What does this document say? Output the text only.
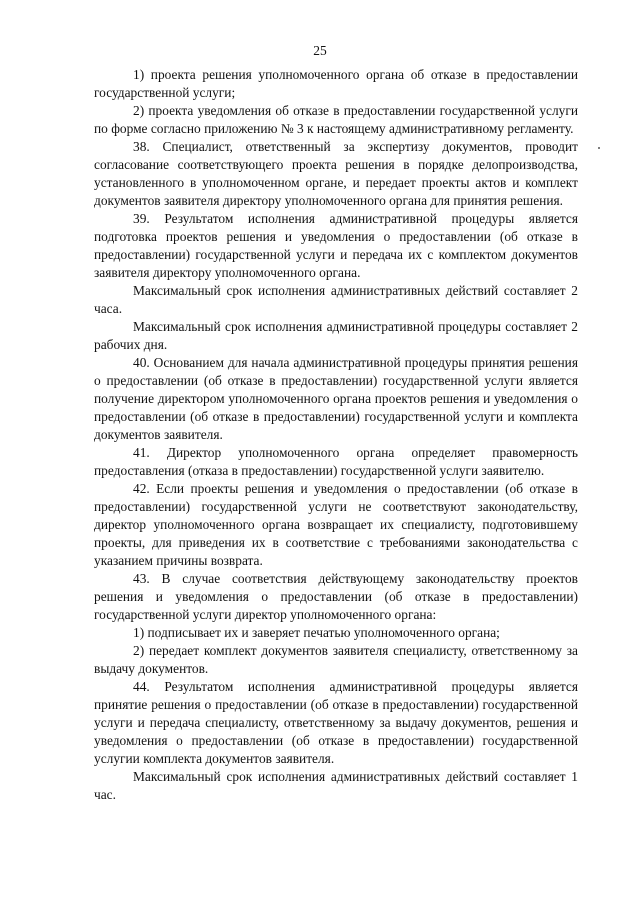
25

1) проекта решения уполномоченного органа об отказе в предоставлении государственной услуги;

2) проекта уведомления об отказе в предоставлении государственной услуги по форме согласно приложению № 3 к настоящему административному регламенту.

38. Специалист, ответственный за экспертизу документов, проводит согласование соответствующего проекта решения в порядке делопроизводства, установленного в уполномоченном органе, и передает проекты актов и комплект документов заявителя директору уполномоченного органа для принятия решения.

39. Результатом исполнения административной процедуры является подготовка проектов решения и уведомления о предоставлении (об отказе в предоставлении) государственной услуги и передача их с комплектом документов заявителя директору уполномоченного органа.

Максимальный срок исполнения административных действий составляет 2 часа.

Максимальный срок исполнения административной процедуры составляет 2 рабочих дня.

40. Основанием для начала административной процедуры принятия решения о предоставлении (об отказе в предоставлении) государственной услуги является получение директором уполномоченного органа проектов решения и уведомления о предоставлении (об отказе в предоставлении) государственной услуги и комплекта документов заявителя.

41. Директор уполномоченного органа определяет правомерность предоставления (отказа в предоставлении) государственной услуги заявителю.

42. Если проекты решения и уведомления о предоставлении (об отказе в предоставлении) государственной услуги не соответствуют законодательству, директор уполномоченного органа возвращает их специалисту, подготовившему проекты, для приведения их в соответствие с требованиями законодательства с указанием причины возврата.

43. В случае соответствия действующему законодательству проектов решения и уведомления о предоставлении (об отказе в предоставлении) государственной услуги директор уполномоченного органа:

1) подписывает их и заверяет печатью уполномоченного органа;

2) передает комплект документов заявителя специалисту, ответственному за выдачу документов.

44. Результатом исполнения административной процедуры является принятие решения о предоставлении (об отказе в предоставлении) государственной услуги и передача специалисту, ответственному за выдачу документов, решения и уведомления о предоставлении (об отказе в предоставлении) государственной услугии комплекта документов заявителя.

Максимальный срок исполнения административных действий составляет 1 час.
